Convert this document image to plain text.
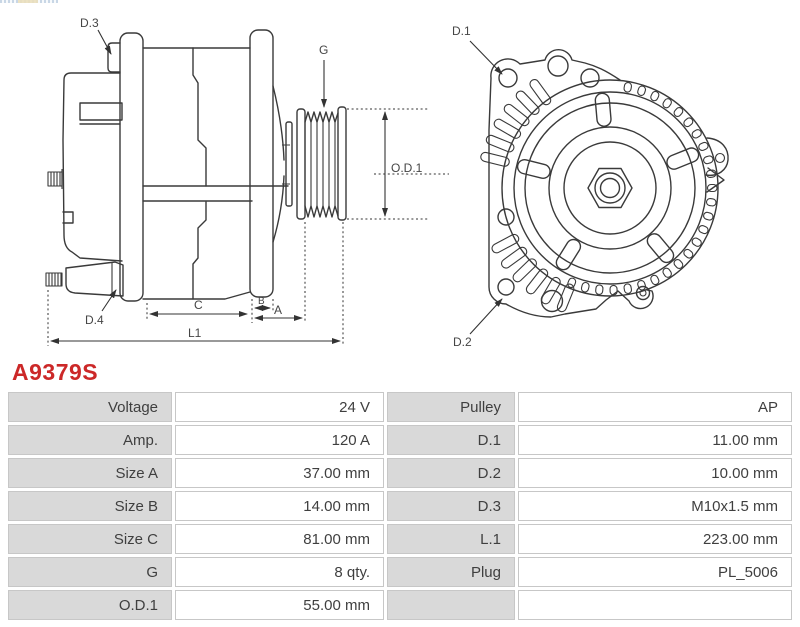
D.3
G
O.D.1
D.4
C	B
A
L1
D.1
D.2
A9379S
Voltage	24 V	Pulley	AP
Amp.	120 A	D.1	11.00 mm
Size A	37.00 mm	D.2	10.00 mm
Size B	14.00 mm	D.3	M10x1.5 mm
Size C	81.00 mm	L.1	223.00 mm
G	8 qty.	Plug	PL_5006
O.D.1	55.00 mm
